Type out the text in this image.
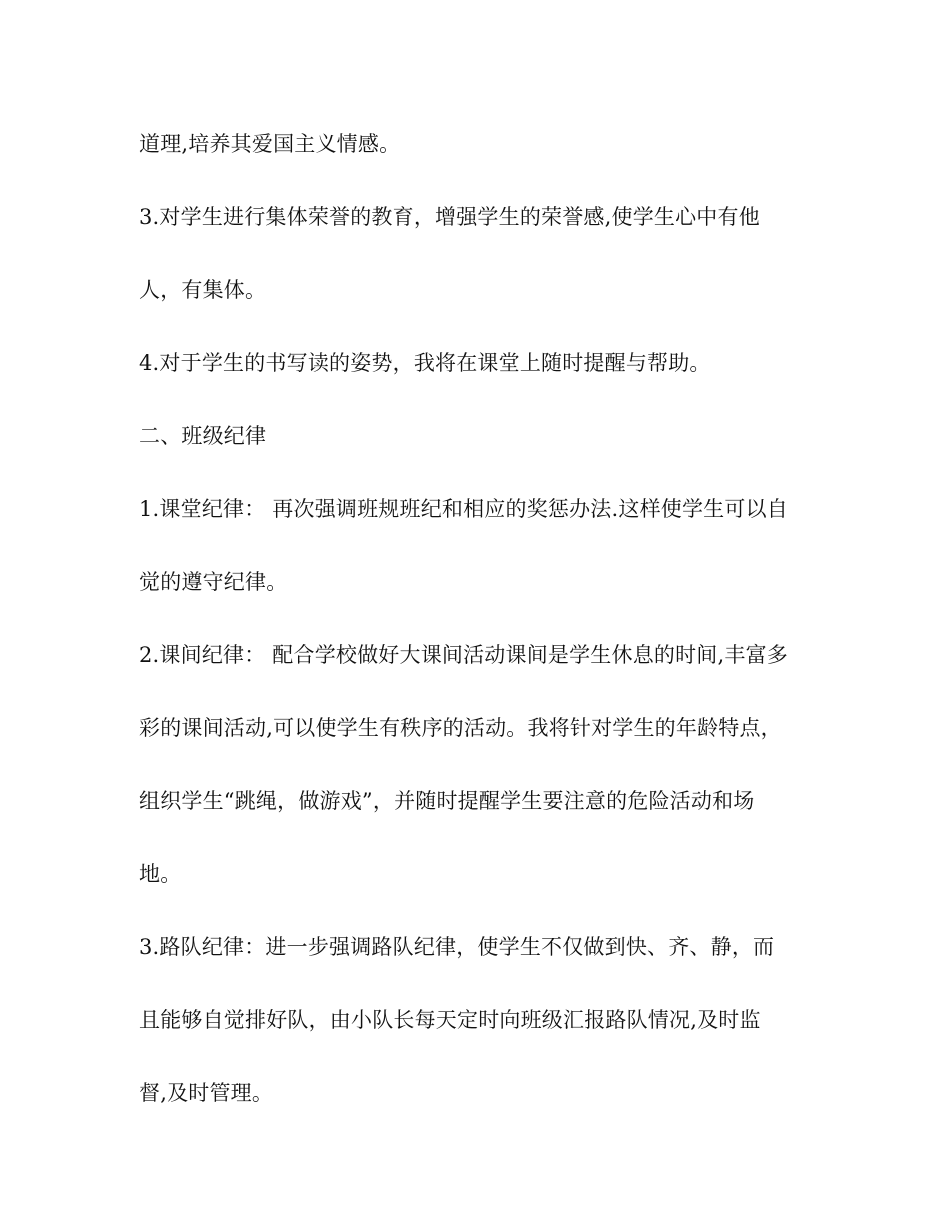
道理,培养其爱国主义情感。
3.对学生进行集体荣誉的教育，增强学生的荣誉感,使学生心中有他
人，有集体。
4.对于学生的书写读的姿势，我将在课堂上随时提醒与帮助。
二、班级纪律
1.课堂纪律： 再次强调班规班纪和相应的奖惩办法.这样使学生可以自
觉的遵守纪律。
2.课间纪律： 配合学校做好大课间活动课间是学生休息的时间,丰富多
彩的课间活动,可以使学生有秩序的活动。我将针对学生的年龄特点，
组织学生“跳绳，做游戏”，并随时提醒学生要注意的危险活动和场
地。
3.路队纪律：进一步强调路队纪律，使学生不仅做到快、齐、静，而
且能够自觉排好队，由小队长每天定时向班级汇报路队情况,及时监
督,及时管理。
